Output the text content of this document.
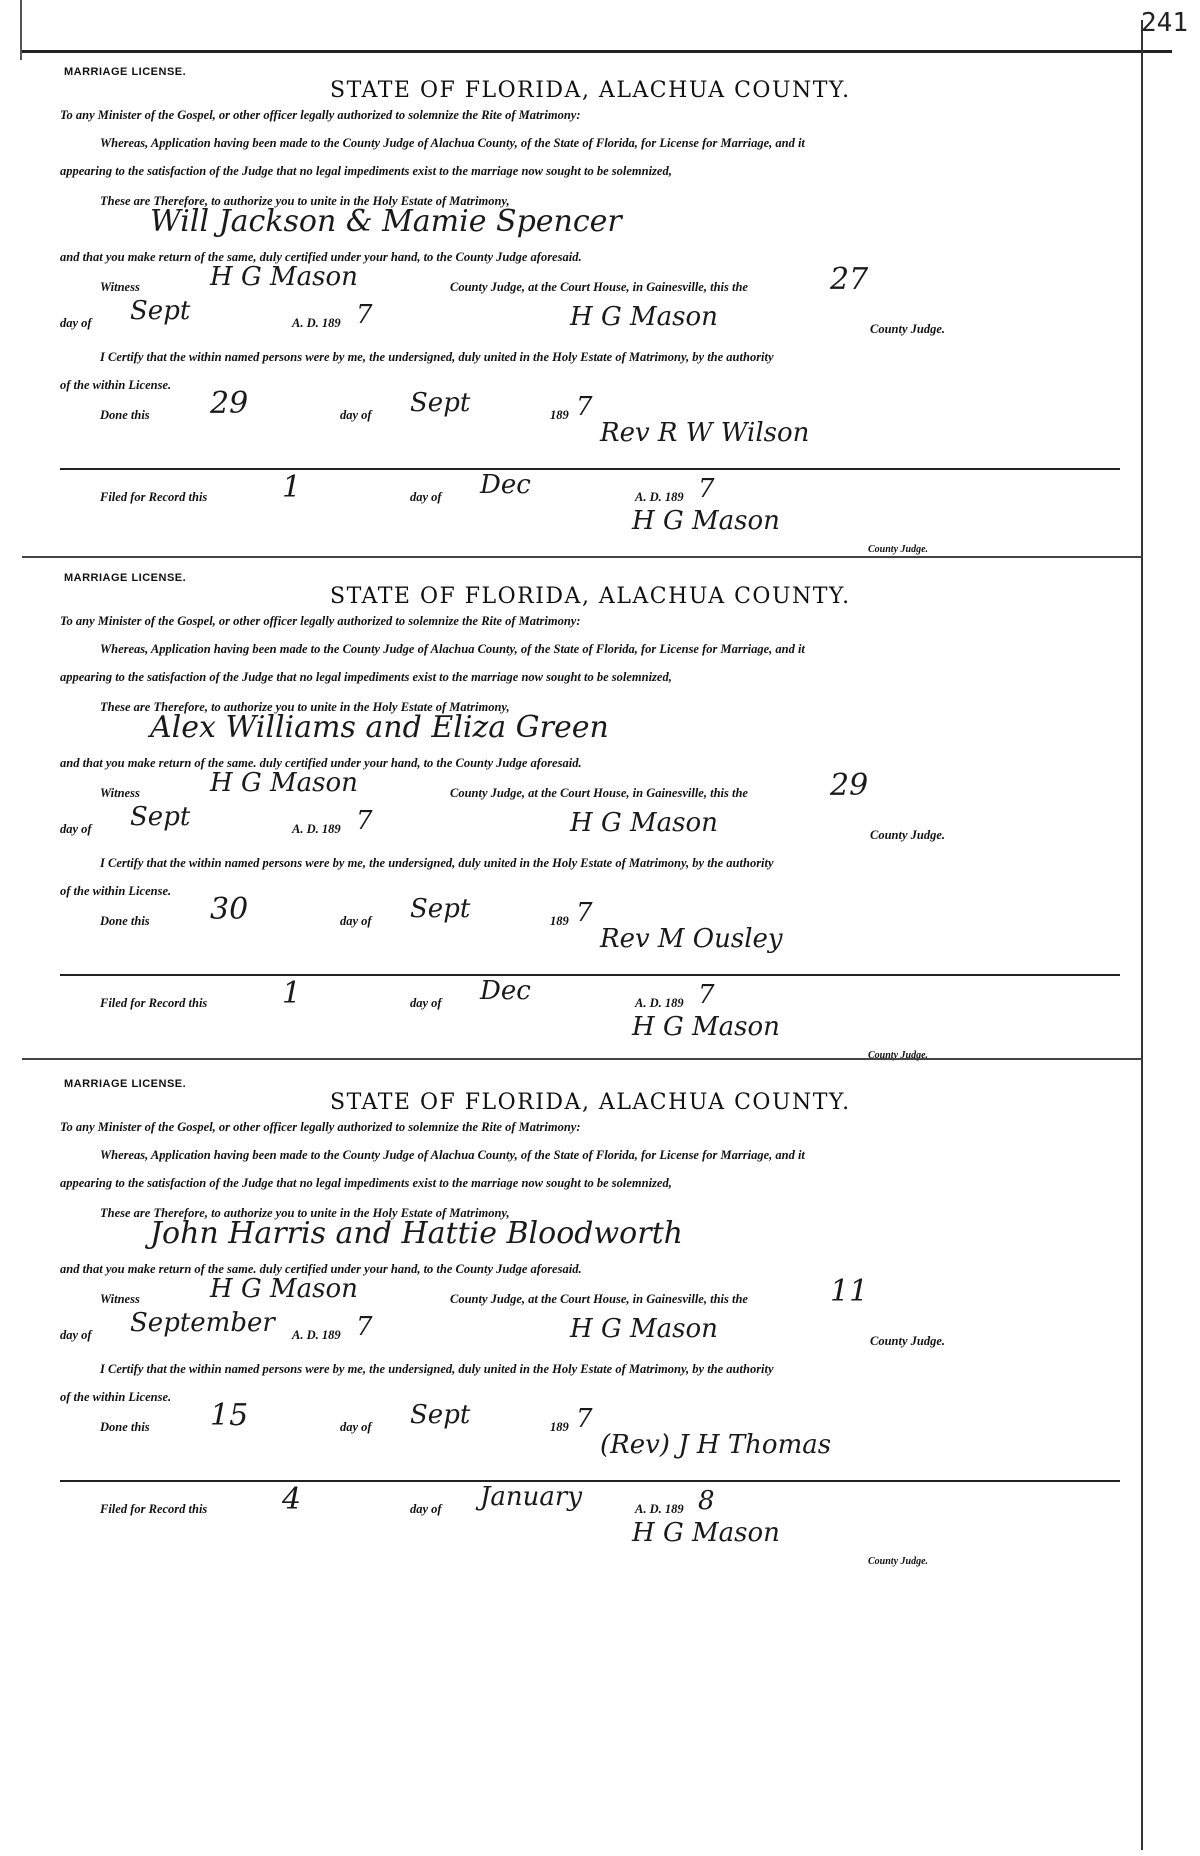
241
MARRIAGE LICENSE.
STATE OF FLORIDA, ALACHUA COUNTY.
To any Minister of the Gospel, or other officer legally authorized to solemnize the Rite of Matrimony:
Whereas, Application having been made to the County Judge of Alachua County, of the State of Florida, for License for Marriage, and it
appearing to the satisfaction of the Judge that no legal impediments exist to the marriage now sought to be solemnized,
These are Therefore, to authorize you to unite in the Holy Estate of Matrimony,
Will Jackson & Mamie Spencer
and that you make return of the same, duly certified under your hand, to the County Judge aforesaid.
Witness	H G Mason	County Judge, at the Court House, in Gainesville, this the	27
day of Sept	A. D. 189 7	H G Mason	County Judge.
I Certify that the within named persons were by me, the undersigned, duly united in the Holy Estate of Matrimony, by the authority
of the within License.
Done this 29	day of Sept	189 7
Rev R W Wilson
Filed for Record this 1	day of Dec	A. D. 189 7
H G Mason
County Judge.
MARRIAGE LICENSE.
STATE OF FLORIDA, ALACHUA COUNTY.
To any Minister of the Gospel, or other officer legally authorized to solemnize the Rite of Matrimony:
Whereas, Application having been made to the County Judge of Alachua County, of the State of Florida, for License for Marriage, and it
appearing to the satisfaction of the Judge that no legal impediments exist to the marriage now sought to be solemnized,
These are Therefore, to authorize you to unite in the Holy Estate of Matrimony,
Alex Williams and Eliza Green
and that you make return of the same. duly certified under your hand, to the County Judge aforesaid.
Witness	H G Mason	County Judge, at the Court House, in Gainesville, this the	29
day of Sept	A. D. 189 7	H G Mason	County Judge.
I Certify that the within named persons were by me, the undersigned, duly united in the Holy Estate of Matrimony, by the authority
of the within License.
Done this 30	day of Sept	189 7
Rev M Ousley
Filed for Record this 1	day of Dec	A. D. 189 7
H G Mason
County Judge.
MARRIAGE LICENSE.
STATE OF FLORIDA, ALACHUA COUNTY.
To any Minister of the Gospel, or other officer legally authorized to solemnize the Rite of Matrimony:
Whereas, Application having been made to the County Judge of Alachua County, of the State of Florida, for License for Marriage, and it
appearing to the satisfaction of the Judge that no legal impediments exist to the marriage now sought to be solemnized,
These are Therefore, to authorize you to unite in the Holy Estate of Matrimony,
John Harris and Hattie Bloodworth
and that you make return of the same. duly certified under your hand, to the County Judge aforesaid.
Witness	H G Mason	County Judge, at the Court House, in Gainesville, this the	11
day of September A. D. 189 7	H G Mason	County Judge.
I Certify that the within named persons were by me, the undersigned, duly united in the Holy Estate of Matrimony, by the authority
of the within License.
Done this 15	day of Sept	189 7
(Rev) J H Thomas
Filed for Record this 4	day of January	A. D. 189 8
H G Mason
County Judge.
